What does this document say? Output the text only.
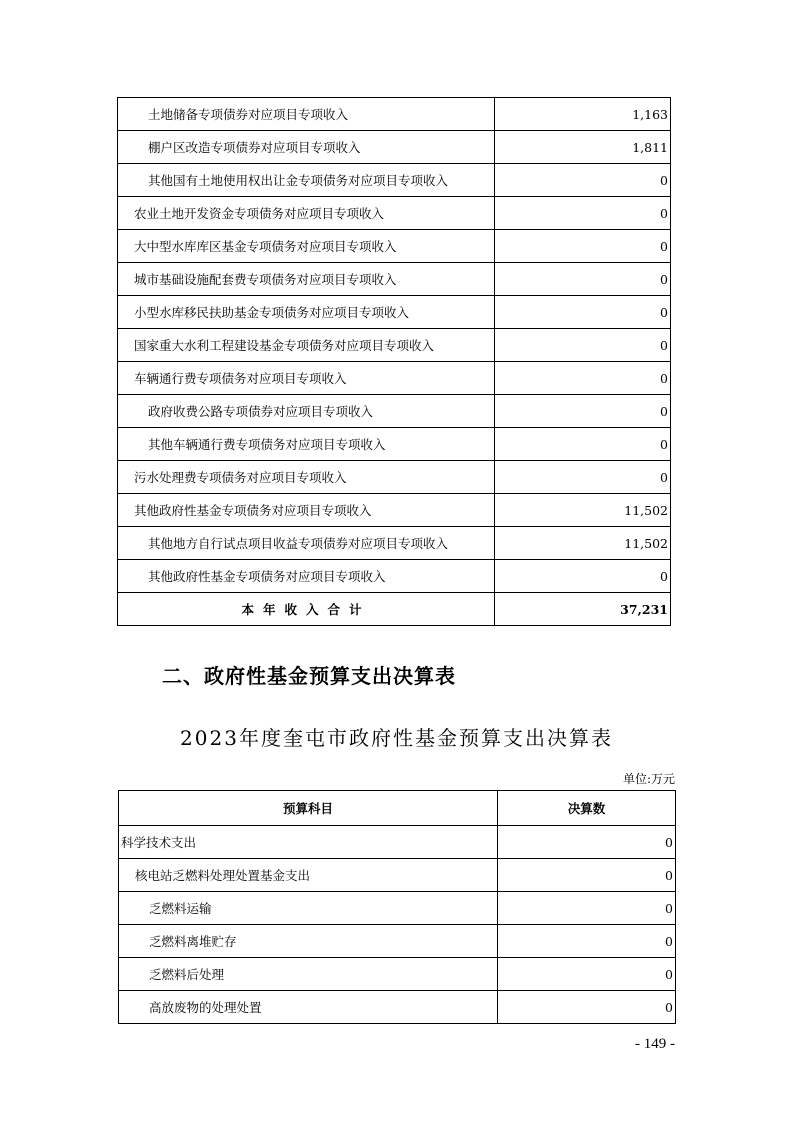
土地储备专项债券对应项目专项收入	1,163
棚户区改造专项债券对应项目专项收入	1,811
其他国有土地使用权出让金专项债务对应项目专项收入	0
农业土地开发资金专项债务对应项目专项收入	0
大中型水库库区基金专项债务对应项目专项收入	0
城市基础设施配套费专项债务对应项目专项收入	0
小型水库移民扶助基金专项债务对应项目专项收入	0
国家重大水利工程建设基金专项债务对应项目专项收入	0
车辆通行费专项债务对应项目专项收入	0
政府收费公路专项债券对应项目专项收入	0
其他车辆通行费专项债务对应项目专项收入	0
污水处理费专项债务对应项目专项收入	0
其他政府性基金专项债务对应项目专项收入	11,502
其他地方自行试点项目收益专项债券对应项目专项收入	11,502
其他政府性基金专项债务对应项目专项收入	0
本年收入合计	37,231
二、政府性基金预算支出决算表
2023年度奎屯市政府性基金预算支出决算表
单位:万元
预算科目	决算数
科学技术支出	0
核电站乏燃料处理处置基金支出	0
乏燃料运输	0
乏燃料离堆贮存	0
乏燃料后处理	0
高放废物的处理处置	0
- 149 -
